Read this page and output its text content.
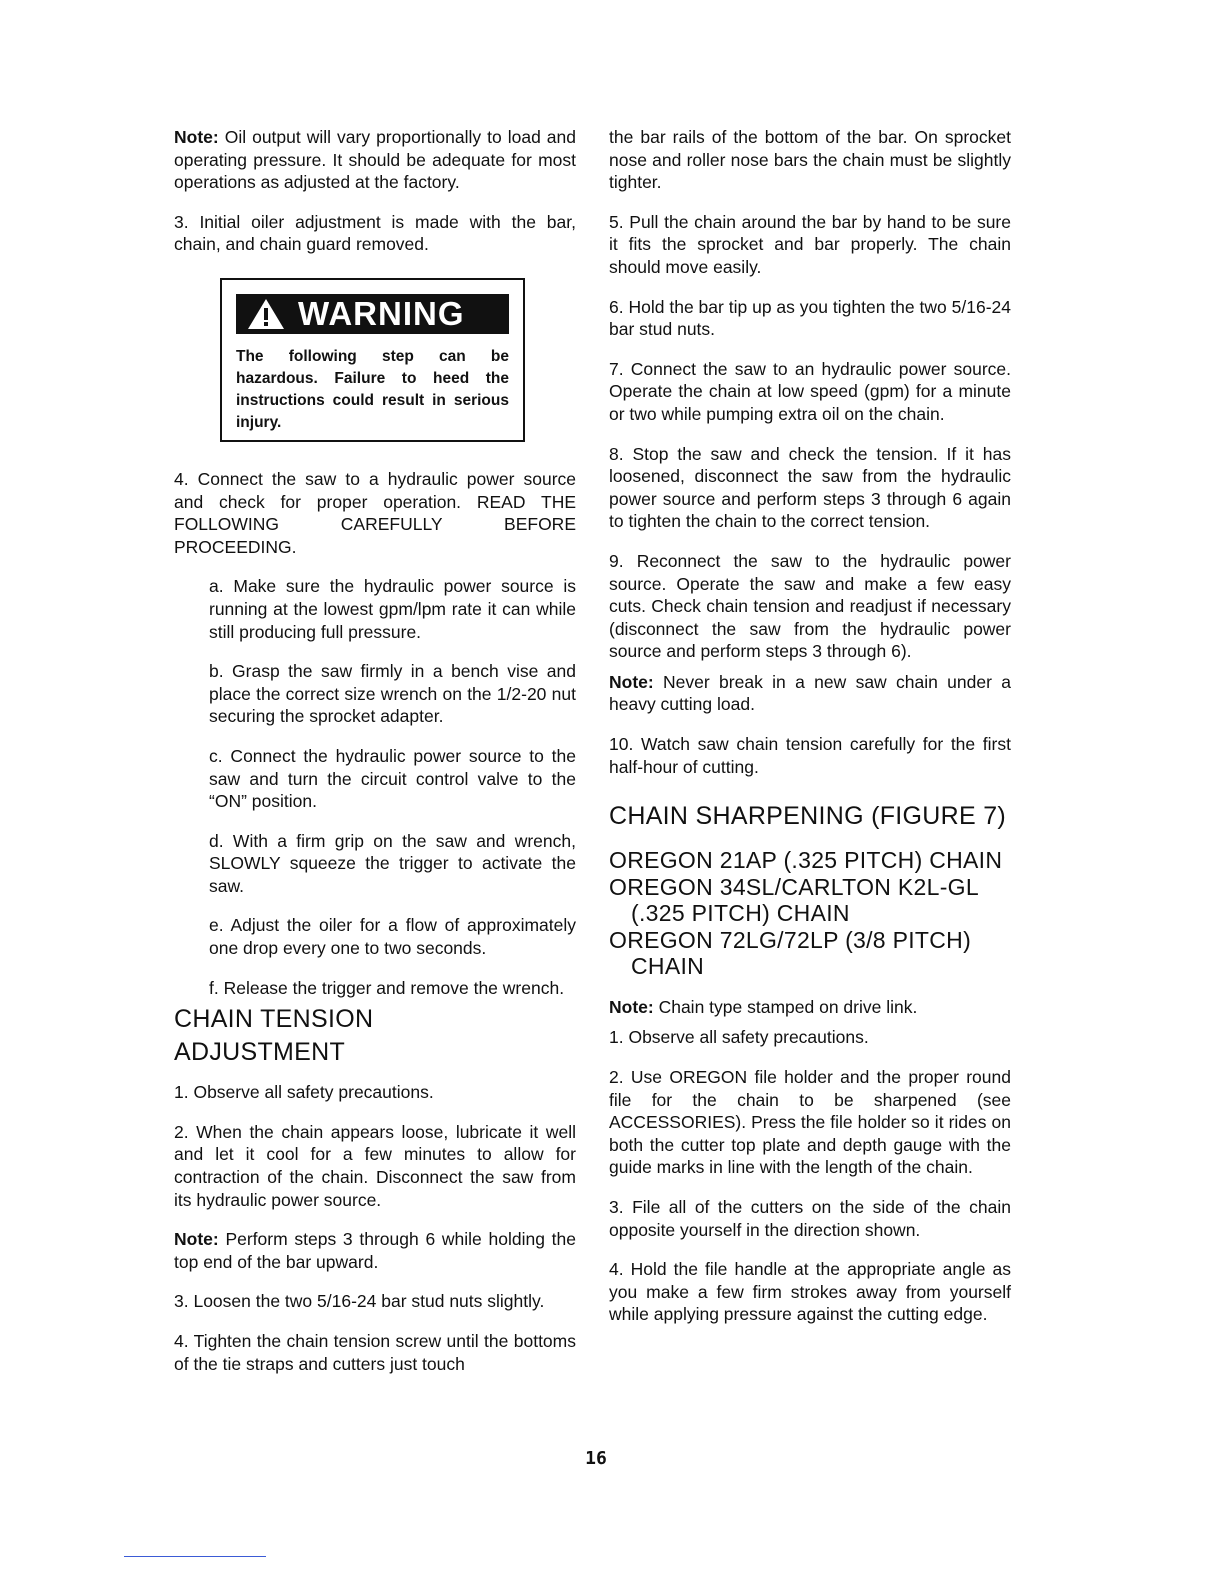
Note: Oil output will vary proportionally to load and operating pressure. It should be adequate for most operations as adjusted at the factory.

3. Initial oiler adjustment is made with the bar, chain, and chain guard removed.

WARNING
The following step can be hazardous. Failure to heed the instructions could result in serious injury.

4. Connect the saw to a hydraulic power source and check for proper operation. READ THE FOLLOWING CAREFULLY BEFORE PROCEEDING.

a. Make sure the hydraulic power source is running at the lowest gpm/lpm rate it can while still producing full pressure.

b. Grasp the saw firmly in a bench vise and place the correct size wrench on the 1/2-20 nut securing the sprocket adapter.

c. Connect the hydraulic power source to the saw and turn the circuit control valve to the “ON” position.

d. With a firm grip on the saw and wrench, SLOWLY squeeze the trigger to activate the saw.

e. Adjust the oiler for a flow of approximately one drop every one to two seconds.

f. Release the trigger and remove the wrench.

CHAIN TENSION
ADJUSTMENT

1. Observe all safety precautions.

2. When the chain appears loose, lubricate it well and let it cool for a few minutes to allow for contraction of the chain. Disconnect the saw from its hydraulic power source.

Note: Perform steps 3 through 6 while holding the top end of the bar upward.

3. Loosen the two 5/16-24 bar stud nuts slightly.

4. Tighten the chain tension screw until the bottoms of the tie straps and cutters just touch

the bar rails of the bottom of the bar. On sprocket nose and roller nose bars the chain must be slightly tighter.

5. Pull the chain around the bar by hand to be sure it fits the sprocket and bar properly. The chain should move easily.

6. Hold the bar tip up as you tighten the two 5/16-24 bar stud nuts.

7. Connect the saw to an hydraulic power source. Operate the chain at low speed (gpm) for a minute or two while pumping extra oil on the chain.

8. Stop the saw and check the tension. If it has loosened, disconnect the saw from the hydraulic power source and perform steps 3 through 6 again to tighten the chain to the correct tension.

9. Reconnect the saw to the hydraulic power source. Operate the saw and make a few easy cuts. Check chain tension and readjust if necessary (disconnect the saw from the hydraulic power source and perform steps 3 through 6).

Note: Never break in a new saw chain under a heavy cutting load.

10. Watch saw chain tension carefully for the first half-hour of cutting.

CHAIN SHARPENING (FIGURE 7)
OREGON 21AP (.325 PITCH) CHAIN
OREGON 34SL/CARLTON K2L-GL
(.325 PITCH) CHAIN
OREGON 72LG/72LP (3/8 PITCH)
CHAIN

Note: Chain type stamped on drive link.

1. Observe all safety precautions.

2. Use OREGON file holder and the proper round file for the chain to be sharpened (see ACCESSORIES). Press the file holder so it rides on both the cutter top plate and depth gauge with the guide marks in line with the length of the chain.

3. File all of the cutters on the side of the chain opposite yourself in the direction shown.

4. Hold the file handle at the appropriate angle as you make a few firm strokes away from yourself while applying pressure against the cutting edge.

16
